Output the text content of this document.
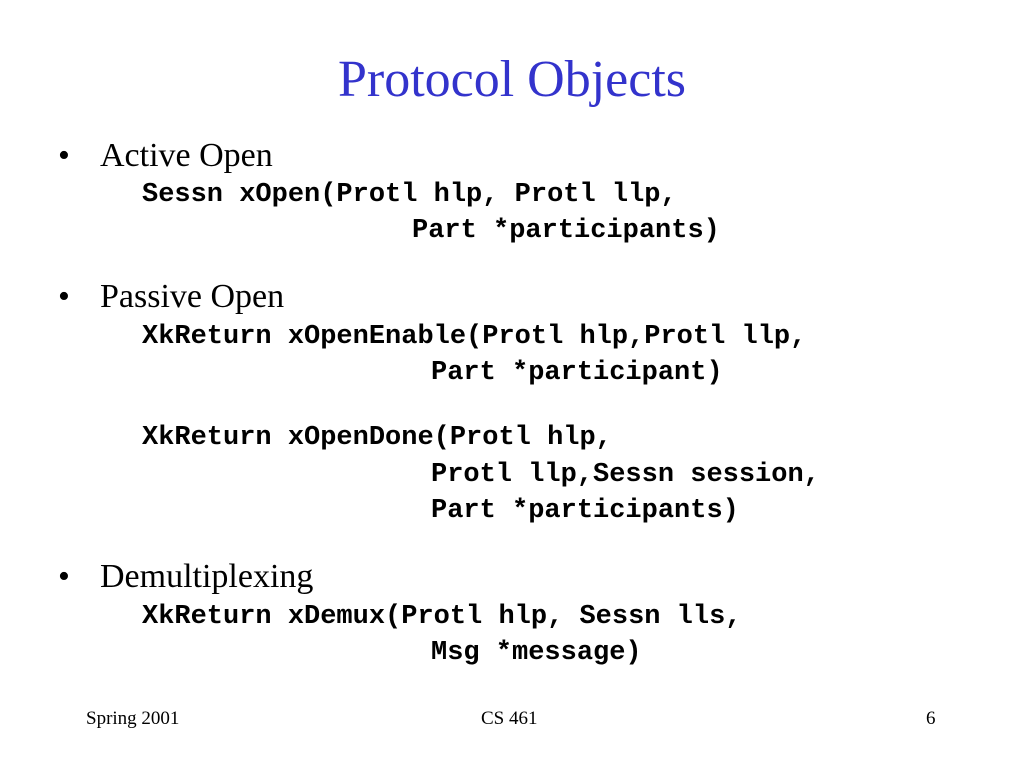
Protocol Objects
• Active Open
Sessn xOpen(Protl hlp, Protl llp,
Part *participants)
• Passive Open
XkReturn xOpenEnable(Protl hlp,Protl llp,
Part *participant)
XkReturn xOpenDone(Protl hlp,
Protl llp,Sessn session,
Part *participants)
• Demultiplexing
XkReturn xDemux(Protl hlp, Sessn lls,
Msg *message)
Spring 2001	CS 461	6
